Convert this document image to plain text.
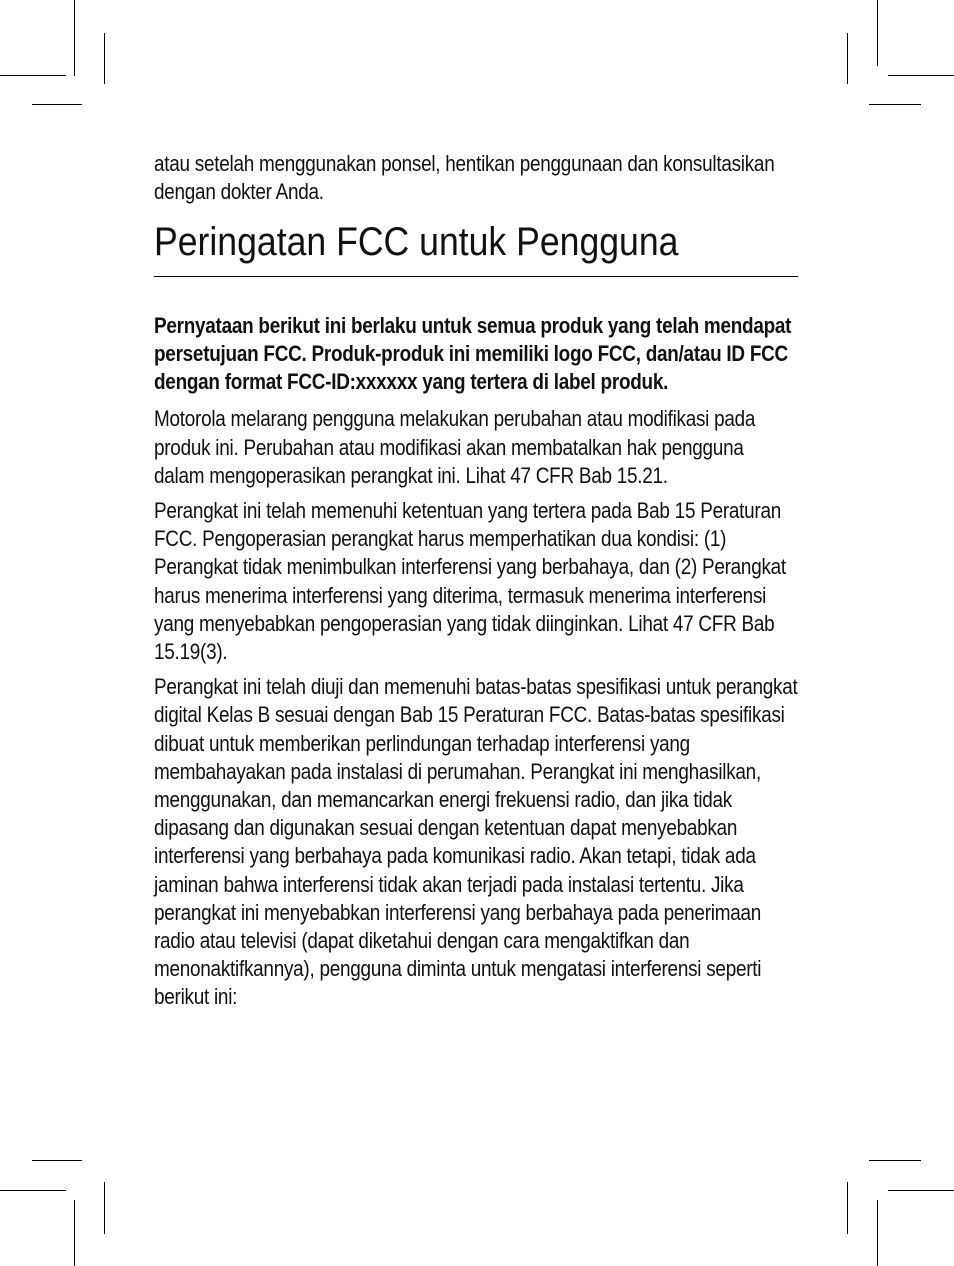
atau setelah menggunakan ponsel, hentikan penggunaan dan konsultasikan dengan dokter Anda.

Peringatan FCC untuk Pengguna

Pernyataan berikut ini berlaku untuk semua produk yang telah mendapat persetujuan FCC. Produk-produk ini memiliki logo FCC, dan/atau ID FCC dengan format FCC-ID:xxxxxx yang tertera di label produk.

Motorola melarang pengguna melakukan perubahan atau modifikasi pada produk ini. Perubahan atau modifikasi akan membatalkan hak pengguna dalam mengoperasikan perangkat ini. Lihat 47 CFR Bab 15.21.

Perangkat ini telah memenuhi ketentuan yang tertera pada Bab 15 Peraturan FCC. Pengoperasian perangkat harus memperhatikan dua kondisi: (1) Perangkat tidak menimbulkan interferensi yang berbahaya, dan (2) Perangkat harus menerima interferensi yang diterima, termasuk menerima interferensi yang menyebabkan pengoperasian yang tidak diinginkan. Lihat 47 CFR Bab 15.19(3).

Perangkat ini telah diuji dan memenuhi batas-batas spesifikasi untuk perangkat digital Kelas B sesuai dengan Bab 15 Peraturan FCC. Batas-batas spesifikasi dibuat untuk memberikan perlindungan terhadap interferensi yang membahayakan pada instalasi di perumahan. Perangkat ini menghasilkan, menggunakan, dan memancarkan energi frekuensi radio, dan jika tidak dipasang dan digunakan sesuai dengan ketentuan dapat menyebabkan interferensi yang berbahaya pada komunikasi radio. Akan tetapi, tidak ada jaminan bahwa interferensi tidak akan terjadi pada instalasi tertentu. Jika perangkat ini menyebabkan interferensi yang berbahaya pada penerimaan radio atau televisi (dapat diketahui dengan cara mengaktifkan dan menonaktifkannya), pengguna diminta untuk mengatasi interferensi seperti berikut ini:
